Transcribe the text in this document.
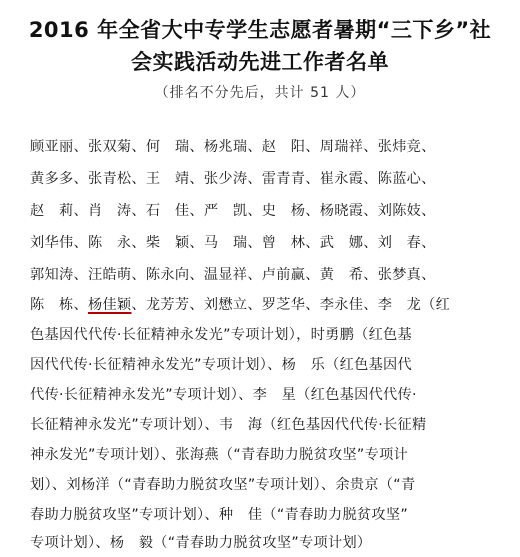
2016 年全省大中专学生志愿者暑期“三下乡”社
会实践活动先进工作者名单
（排名不分先后，共计 51 人）
顾亚丽、张双菊、何　瑞、杨兆瑞、赵　阳、周瑞祥、张炜竞、
黄多多、张青松、王　靖、张少涛、雷青青、崔永霞、陈蓝心、
赵　莉、肖　涛、石　佳、严　凯、史　杨、杨晓霞、刘陈妓、
刘华伟、陈　永、柴　颖、马　瑞、曾　林、武　娜、刘　春、
郭知涛、汪皓萌、陈永向、温显祥、卢前赢、黄　希、张梦真、
陈　栋、杨佳颖、龙芳芳、刘懋立、罗芝华、李永佳、李　龙（红
色基因代代传·长征精神永发光”专项计划），时勇鹏（红色基
因代代传·长征精神永发光”专项计划）、杨　乐（红色基因代
代传·长征精神永发光”专项计划）、李　星（红色基因代代传·
长征精神永发光”专项计划）、韦　海（红色基因代代传·长征精
神永发光”专项计划）、张海燕（“青春助力脱贫攻坚”专项计
划）、刘杨洋（“青春助力脱贫攻坚”专项计划）、余贵京（“青
春助力脱贫攻坚”专项计划）、种　佳（“青春助力脱贫攻坚”
专项计划）、杨　毅（“青春助力脱贫攻坚”专项计划）
